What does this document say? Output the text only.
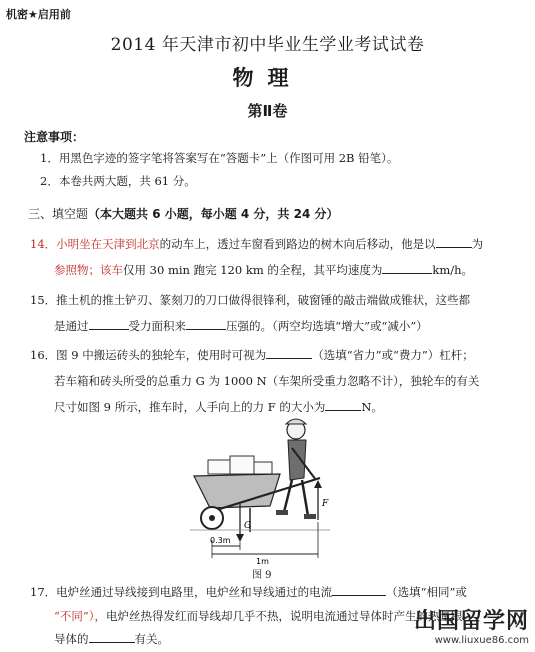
机密★启用前
2014 年天津市初中毕业生学业考试试卷
物理
第Ⅱ卷
注意事项：
1．用黑色字迹的签字笔将答案写在“答题卡”上（作图可用 2B 铅笔）。
2．本卷共两大题，共 61 分。
三、填空题（本大题共 6 小题，每小题 4 分，共 24 分）
14．小明坐在天津到北京的动车上，透过车窗看到路边的树木向后移动，他是以	为
参照物；该车仅用 30 min 跑完 120 km 的全程，其平均速度为	km/h。
15．推土机的推土铲刃、篆刻刀的刀口做得很锋利，破窗锤的敲击端做成锥状，这些都
是通过	受力面积来	压强的。（两空均选填“增大”或“减小”）
16．图 9 中搬运砖头的独轮车，使用时可视为	（选填“省力”或“费力”）杠杆；
若车箱和砖头所受的总重力 G 为 1000 N（车架所受重力忽略不计），独轮车的有关
尺寸如图 9 所示，推车时，人手向上的力 F 的大小为	N。
F
G
0.3m
1m
图 9
17．电炉丝通过导线接到电路里，电炉丝和导线通过的电流	（选填“相同”或
“不同”），电炉丝热得发红而导线却几乎不热，说明电流通过导体时产生的热量跟
导体的	有关。
出国留学网
www.liuxue86.com
